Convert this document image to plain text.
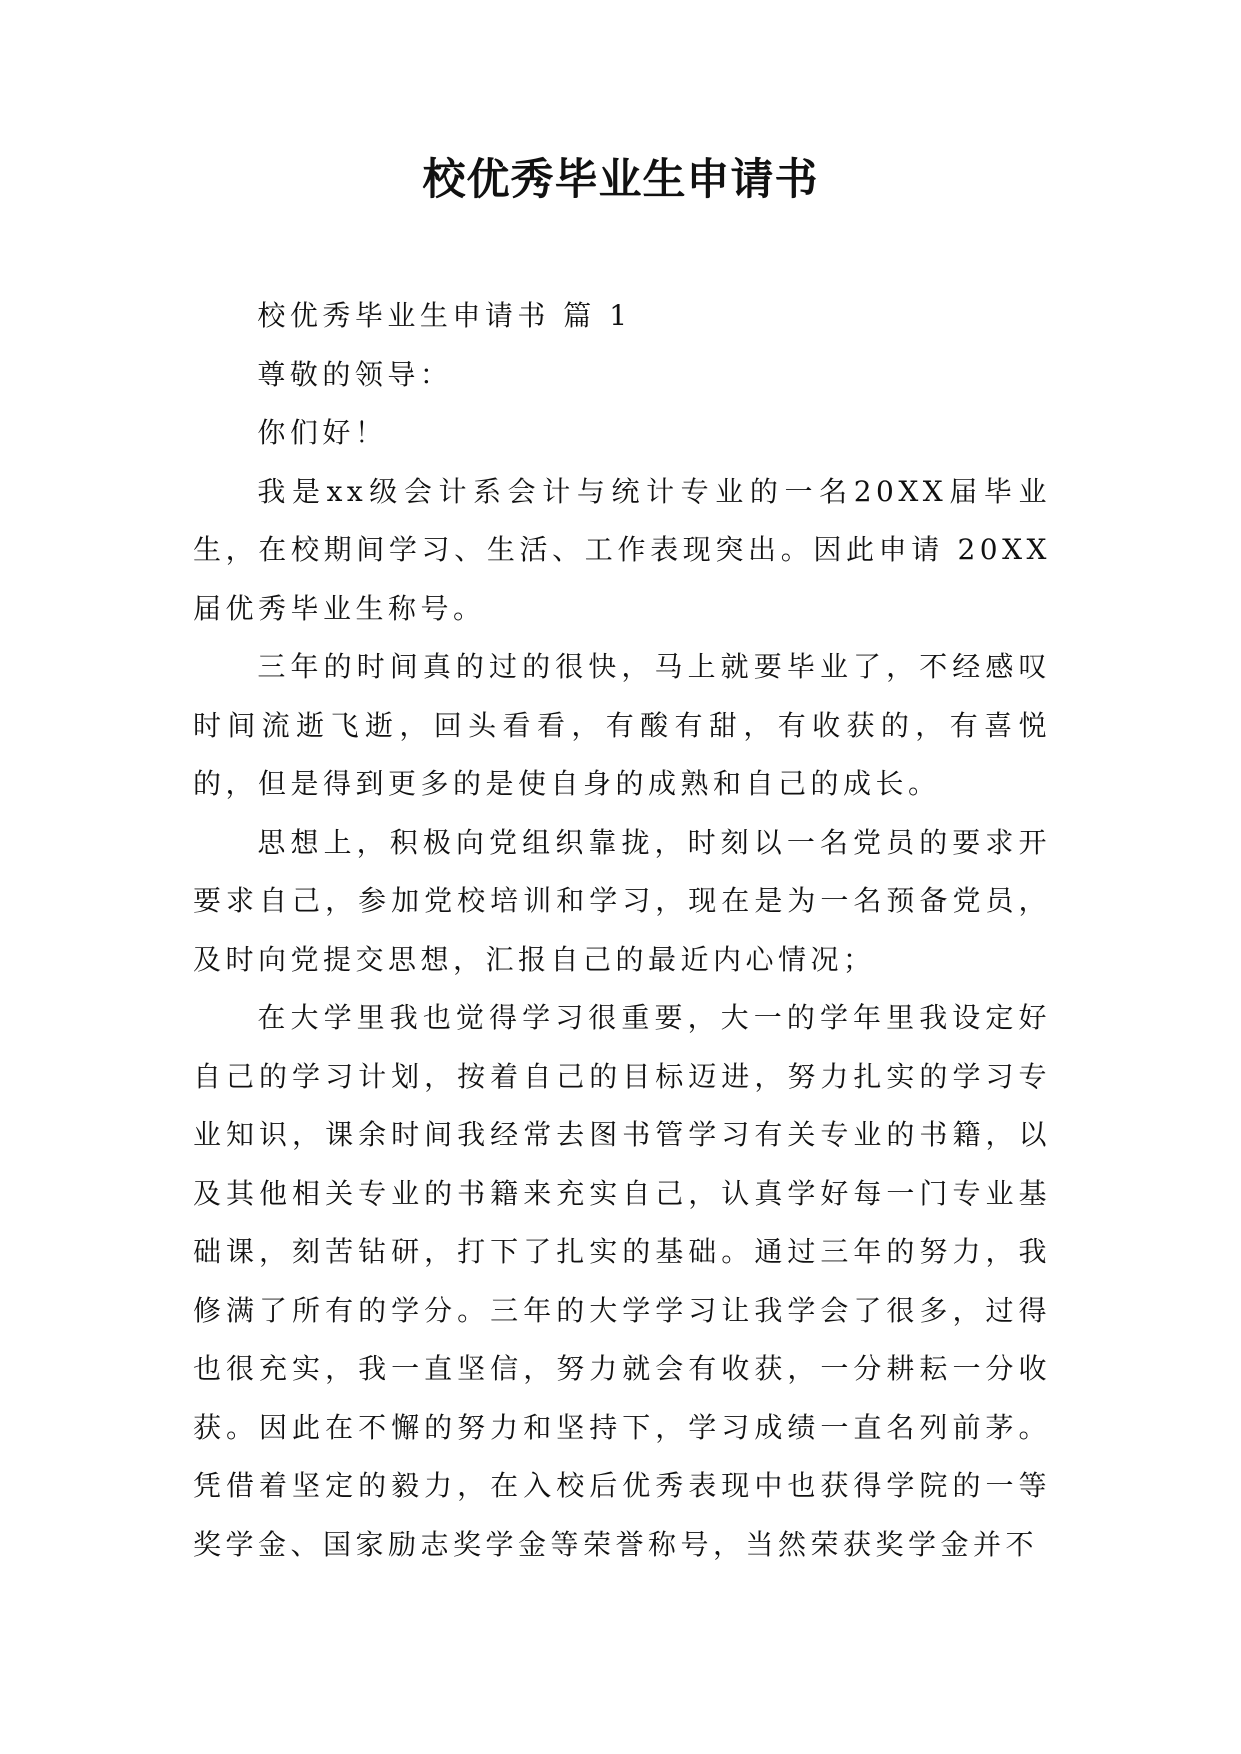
校优秀毕业生申请书

校优秀毕业生申请书 篇 1

尊敬的领导：

你们好！

我是xx级会计系会计与统计专业的一名20XX届毕业生，在校期间学习、生活、工作表现突出。因此申请 20XX 届优秀毕业生称号。

三年的时间真的过的很快，马上就要毕业了，不经感叹时间流逝飞逝，回头看看，有酸有甜，有收获的，有喜悦的，但是得到更多的是使自身的成熟和自己的成长。

思想上，积极向党组织靠拢，时刻以一名党员的要求开要求自己，参加党校培训和学习，现在是为一名预备党员，及时向党提交思想，汇报自己的最近内心情况；

在大学里我也觉得学习很重要，大一的学年里我设定好自己的学习计划，按着自己的目标迈进，努力扎实的学习专业知识，课余时间我经常去图书管学习有关专业的书籍，以及其他相关专业的书籍来充实自己，认真学好每一门专业基础课，刻苦钻研，打下了扎实的基础。通过三年的努力，我修满了所有的学分。三年的大学学习让我学会了很多，过得也很充实，我一直坚信，努力就会有收获，一分耕耘一分收获。因此在不懈的努力和坚持下，学习成绩一直名列前茅。凭借着坚定的毅力，在入校后优秀表现中也获得学院的一等奖学金、国家励志奖学金等荣誉称号，当然荣获奖学金并不
